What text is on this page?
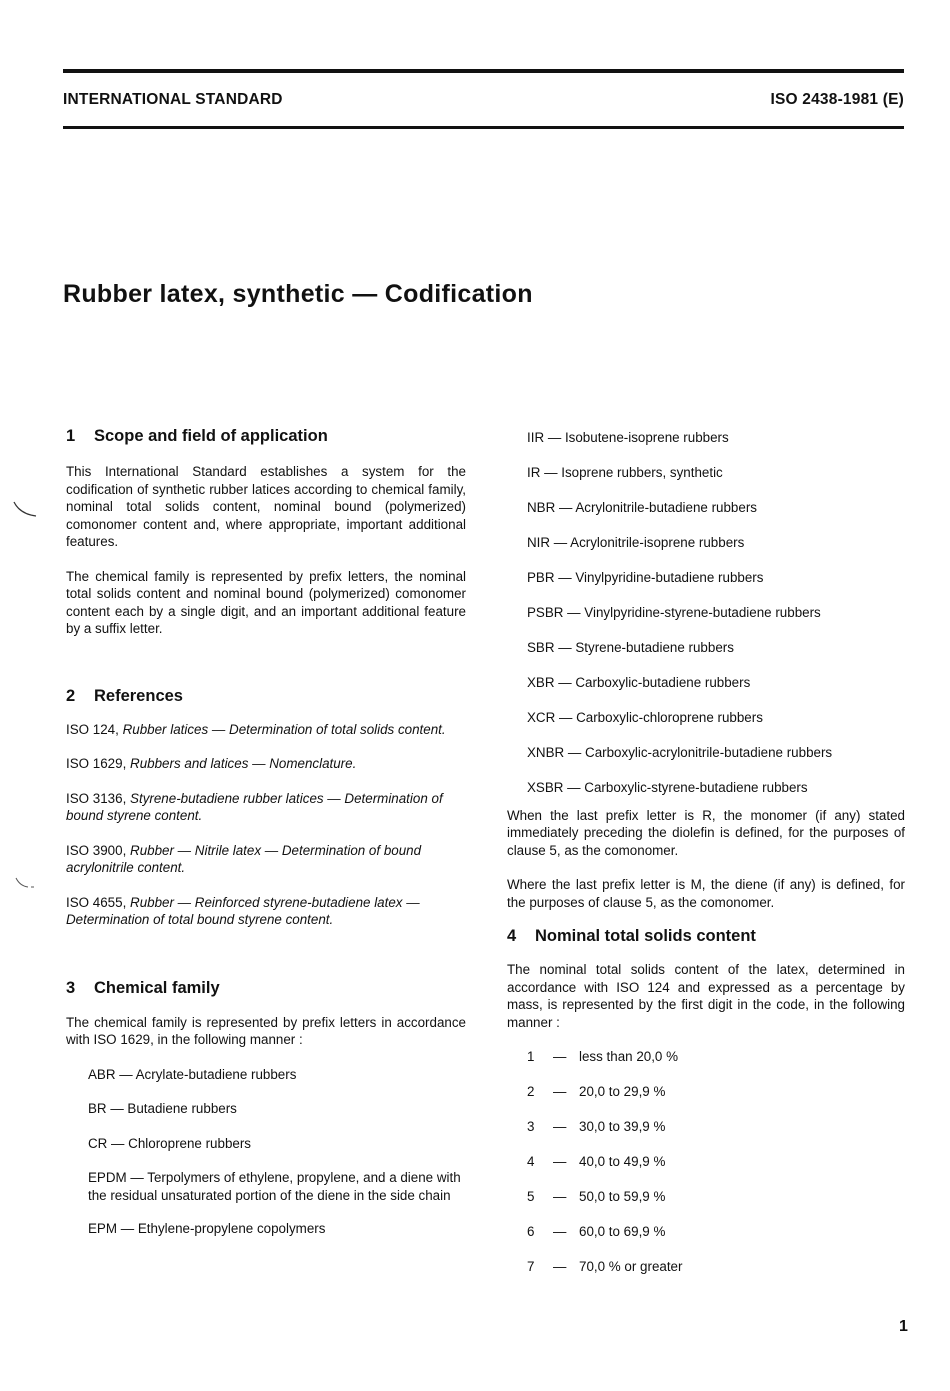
INTERNATIONAL STANDARD	ISO 2438-1981 (E)
Rubber latex, synthetic — Codification
1 Scope and field of application

This International Standard establishes a system for the codification of synthetic rubber latices according to chemical family, nominal total solids content, nominal bound (polymerized) comonomer content and, where appropriate, important additional features.

The chemical family is represented by prefix letters, the nominal total solids content and nominal bound (polymerized) comonomer content each by a single digit, and an important additional feature by a suffix letter.

2 References

ISO 124, Rubber latices — Determination of total solids content.

ISO 1629, Rubbers and latices — Nomenclature.

ISO 3136, Styrene-butadiene rubber latices — Determination of bound styrene content.

ISO 3900, Rubber — Nitrile latex — Determination of bound acrylonitrile content.

ISO 4655, Rubber — Reinforced styrene-butadiene latex — Determination of total bound styrene content.

3 Chemical family

The chemical family is represented by prefix letters in accordance with ISO 1629, in the following manner :

ABR — Acrylate-butadiene rubbers

BR — Butadiene rubbers

CR — Chloroprene rubbers

EPDM — Terpolymers of ethylene, propylene, and a diene with the residual unsaturated portion of the diene in the side chain

EPM — Ethylene-propylene copolymers

IIR — Isobutene-isoprene rubbers

IR — Isoprene rubbers, synthetic

NBR — Acrylonitrile-butadiene rubbers

NIR — Acrylonitrile-isoprene rubbers

PBR — Vinylpyridine-butadiene rubbers

PSBR — Vinylpyridine-styrene-butadiene rubbers

SBR — Styrene-butadiene rubbers

XBR — Carboxylic-butadiene rubbers

XCR — Carboxylic-chloroprene rubbers

XNBR — Carboxylic-acrylonitrile-butadiene rubbers

XSBR — Carboxylic-styrene-butadiene rubbers

When the last prefix letter is R, the monomer (if any) stated immediately preceding the diolefin is defined, for the purposes of clause 5, as the comonomer.

Where the last prefix letter is M, the diene (if any) is defined, for the purposes of clause 5, as the comonomer.

4 Nominal total solids content

The nominal total solids content of the latex, determined in accordance with ISO 124 and expressed as a percentage by mass, is represented by the first digit in the code, in the following manner :

1	— less than 20,0 %
2	— 20,0 to 29,9 %
3	— 30,0 to 39,9 %
4	— 40,0 to 49,9 %
5	— 50,0 to 59,9 %
6	— 60,0 to 69,9 %
7	— 70,0 % or greater
1
